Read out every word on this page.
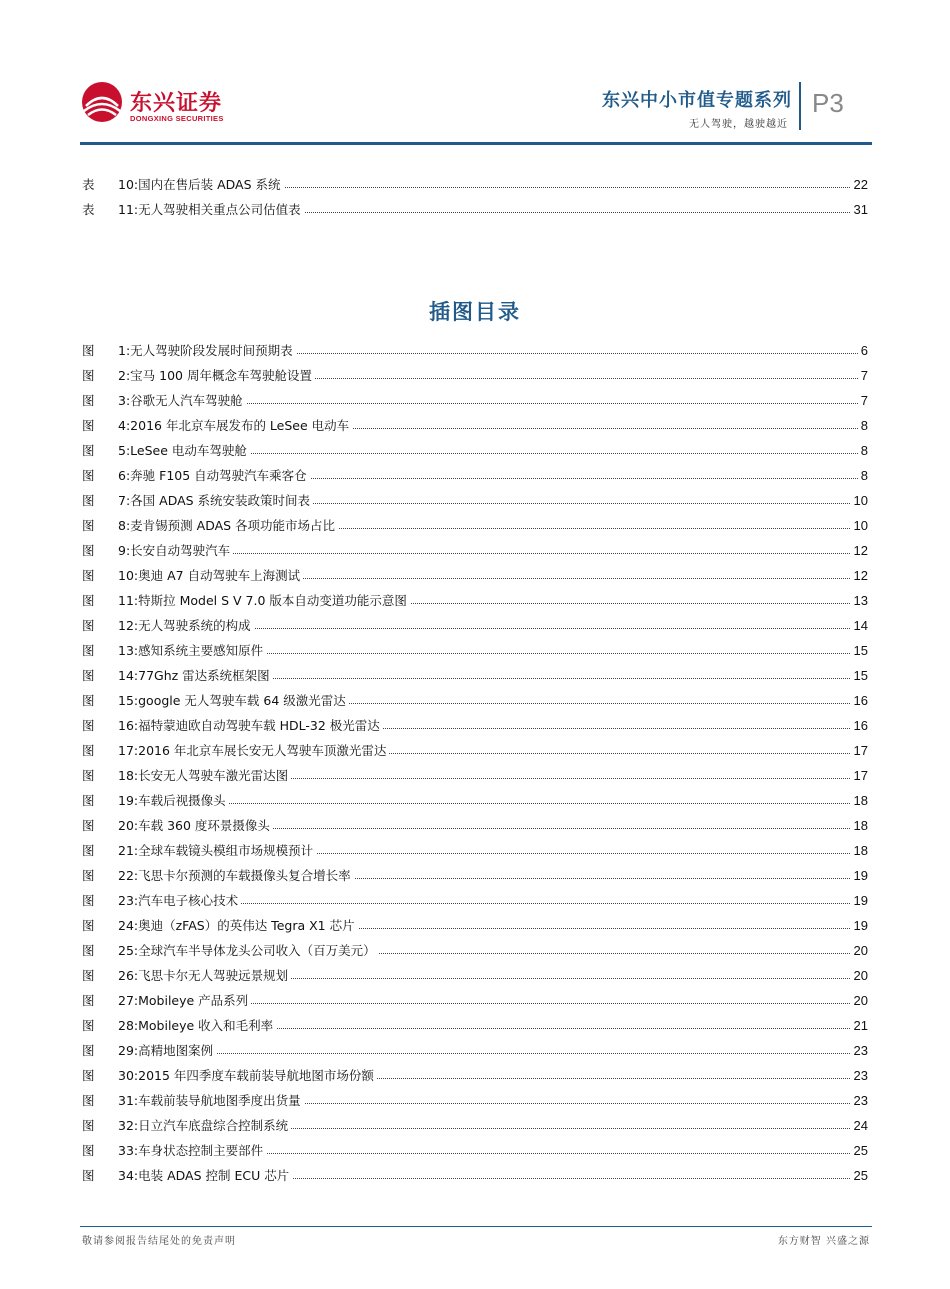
东兴证券
DONGXING SECURITIES
东兴中小市值专题系列
无人驾驶，越驶越近
P3
表 10:国内在售后装 ADAS 系统	22
表 11:无人驾驶相关重点公司估值表	31
插图目录
图 1:无人驾驶阶段发展时间预期表	6
图 2:宝马 100 周年概念车驾驶舱设置	7
图 3:谷歌无人汽车驾驶舱	7
图 4:2016 年北京车展发布的 LeSee 电动车	8
图 5:LeSee 电动车驾驶舱	8
图 6:奔驰 F105 自动驾驶汽车乘客仓	8
图 7:各国 ADAS 系统安装政策时间表	10
图 8:麦肯锡预测 ADAS 各项功能市场占比	10
图 9:长安自动驾驶汽车	12
图 10:奥迪 A7 自动驾驶车上海测试	12
图 11:特斯拉 Model S V 7.0 版本自动变道功能示意图	13
图 12:无人驾驶系统的构成	14
图 13:感知系统主要感知原件	15
图 14:77Ghz 雷达系统框架图	15
图 15:google 无人驾驶车载 64 级激光雷达	16
图 16:福特蒙迪欧自动驾驶车载 HDL-32 极光雷达	16
图 17:2016 年北京车展长安无人驾驶车顶激光雷达	17
图 18:长安无人驾驶车激光雷达图	17
图 19:车载后视摄像头	18
图 20:车载 360 度环景摄像头	18
图 21:全球车载镜头模组市场规模预计	18
图 22:飞思卡尔预测的车载摄像头复合增长率	19
图 23:汽车电子核心技术	19
图 24:奥迪（zFAS）的英伟达 Tegra X1 芯片	19
图 25:全球汽车半导体龙头公司收入（百万美元）	20
图 26:飞思卡尔无人驾驶远景规划	20
图 27:Mobileye 产品系列	20
图 28:Mobileye 收入和毛利率	21
图 29:高精地图案例	23
图 30:2015 年四季度车载前装导航地图市场份额	23
图 31:车载前装导航地图季度出货量	23
图 32:日立汽车底盘综合控制系统	24
图 33:车身状态控制主要部件	25
图 34:电装 ADAS 控制 ECU 芯片	25
敬请参阅报告结尾处的免责声明	东方财智 兴盛之源
